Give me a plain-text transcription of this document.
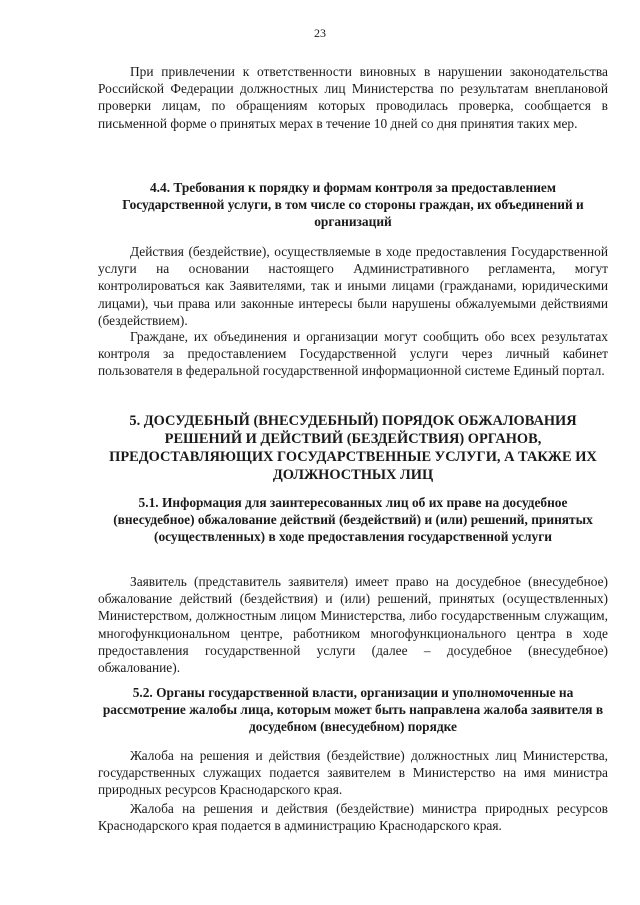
23

При привлечении к ответственности виновных в нарушении законодательства Российской Федерации должностных лиц Министерства по результатам внеплановой проверки лицам, по обращениям которых проводилась проверка, сообщается в письменной форме о принятых мерах в течение 10 дней со дня принятия таких мер.

4.4. Требования к порядку и формам контроля за предоставлением Государственной услуги, в том числе со стороны граждан, их объединений и организаций

Действия (бездействие), осуществляемые в ходе предоставления Государственной услуги на основании настоящего Административного регламента, могут контролироваться как Заявителями, так и иными лицами (гражданами, юридическими лицами), чьи права или законные интересы были нарушены обжалуемыми действиями (бездействием).

Граждане, их объединения и организации могут сообщить обо всех результатах контроля за предоставлением Государственной услуги через личный кабинет пользователя в федеральной государственной информационной системе Единый портал.

5. ДОСУДЕБНЫЙ (ВНЕСУДЕБНЫЙ) ПОРЯДОК ОБЖАЛОВАНИЯ РЕШЕНИЙ И ДЕЙСТВИЙ (БЕЗДЕЙСТВИЯ) ОРГАНОВ, ПРЕДОСТАВЛЯЮЩИХ ГОСУДАРСТВЕННЫЕ УСЛУГИ, А ТАКЖЕ ИХ ДОЛЖНОСТНЫХ ЛИЦ

5.1. Информация для заинтересованных лиц об их праве на досудебное (внесудебное) обжалование действий (бездействий) и (или) решений, принятых (осуществленных) в ходе предоставления государственной услуги

Заявитель (представитель заявителя) имеет право на досудебное (внесудебное) обжалование действий (бездействия) и (или) решений, принятых (осуществленных) Министерством, должностным лицом Министерства, либо государственным служащим, многофункциональном центре, работником многофункционального центра в ходе предоставления государственной услуги (далее – досудебное (внесудебное) обжалование).

5.2. Органы государственной власти, организации и уполномоченные на рассмотрение жалобы лица, которым может быть направлена жалоба заявителя в досудебном (внесудебном) порядке

Жалоба на решения и действия (бездействие) должностных лиц Министерства, государственных служащих подается заявителем в Министерство на имя министра природных ресурсов Краснодарского края.

Жалоба на решения и действия (бездействие) министра природных ресурсов Краснодарского края подается в администрацию Краснодарского края.
